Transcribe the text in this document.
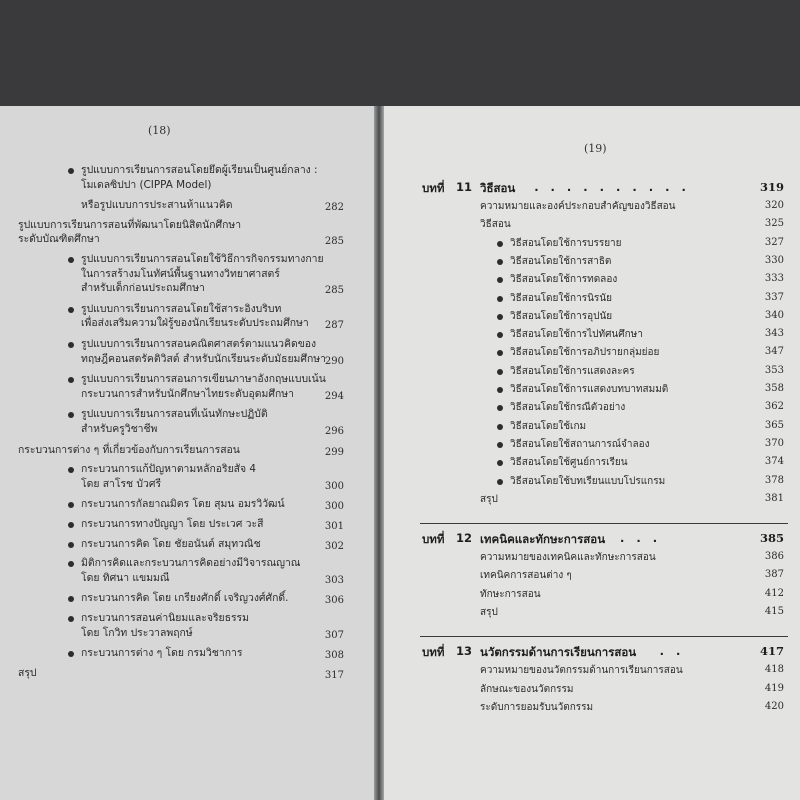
(18)
รูปแบบการเรียนการสอนโดยยึดผู้เรียนเป็นศูนย์กลาง :
โมเดลซิปปา (CIPPA Model)
หรือรูปแบบการประสานห้าแนวคิด	282
รูปแบบการเรียนการสอนที่พัฒนาโดยนิสิตนักศึกษา
ระดับบัณฑิตศึกษา	285
รูปแบบการเรียนการสอนโดยใช้วิธีการกิจกรรมทางกาย
ในการสร้างมโนทัศน์พื้นฐานทางวิทยาศาสตร์
สำหรับเด็กก่อนประถมศึกษา	285
รูปแบบการเรียนการสอนโดยใช้สาระอิงบริบท
เพื่อส่งเสริมความใฝ่รู้ของนักเรียนระดับประถมศึกษา 287
รูปแบบการเรียนการสอนคณิตศาสตร์ตามแนวคิดของ
ทฤษฎีคอนสตรัคติวิสต์ สำหรับนักเรียนระดับมัธยมศึกษา
290
รูปแบบการเรียนการสอนการเขียนภาษาอังกฤษแบบเน้น
กระบวนการสำหรับนักศึกษาไทยระดับอุดมศึกษา	294
รูปแบบการเรียนการสอนที่เน้นทักษะปฏิบัติ
สำหรับครูวิชาชีพ	296
กระบวนการต่าง ๆ ที่เกี่ยวข้องกับการเรียนการสอน	299
กระบวนการแก้ปัญหาตามหลักอริยสัจ 4
โดย สาโรช บัวศรี	300
กระบวนการกัลยาณมิตร โดย สุมน อมรวิวัฒน์	300
กระบวนการทางปัญญา โดย ประเวศ วะสี	301
กระบวนการคิด โดย ชัยอนันต์ สมุทวณิช	302
มิติการคิดและกระบวนการคิดอย่างมีวิจารณญาณ
โดย ทิศนา แขมมณี	303
กระบวนการคิด โดย เกรียงศักดิ์ เจริญวงศ์ศักดิ์.	306
กระบวนการสอนค่านิยมและจริยธรรม
โดย โกวิท ประวาลพฤกษ์	307
กระบวนการต่าง ๆ โดย กรมวิชาการ	308
สรุป	317
(19)
บทที่ 11 วิธีสอน . . . . . . . . . .	319
ความหมายและองค์ประกอบสำคัญของวิธีสอน	320
วิธีสอน	325
วิธีสอนโดยใช้การบรรยาย	327
วิธีสอนโดยใช้การสาธิต	330
วิธีสอนโดยใช้การทดลอง	333
วิธีสอนโดยใช้การนิรนัย	337
วิธีสอนโดยใช้การอุปนัย	340
วิธีสอนโดยใช้การไปทัศนศึกษา	343
วิธีสอนโดยใช้การอภิปรายกลุ่มย่อย	347
วิธีสอนโดยใช้การแสดงละคร	353
วิธีสอนโดยใช้การแสดงบทบาทสมมติ	358
วิธีสอนโดยใช้กรณีตัวอย่าง	362
วิธีสอนโดยใช้เกม	365
วิธีสอนโดยใช้สถานการณ์จำลอง	370
วิธีสอนโดยใช้ศูนย์การเรียน	374
วิธีสอนโดยใช้บทเรียนแบบโปรแกรม	378
สรุป	381
บทที่ 12 เทคนิคและทักษะการสอน . . .	385
ความหมายของเทคนิคและทักษะการสอน	386
เทคนิคการสอนต่าง ๆ	387
ทักษะการสอน	412
สรุป	415
บทที่ 13 นวัตกรรมด้านการเรียนการสอน . .	417
ความหมายของนวัตกรรมด้านการเรียนการสอน	418
ลักษณะของนวัตกรรม	419
ระดับการยอมรับนวัตกรรม	420
